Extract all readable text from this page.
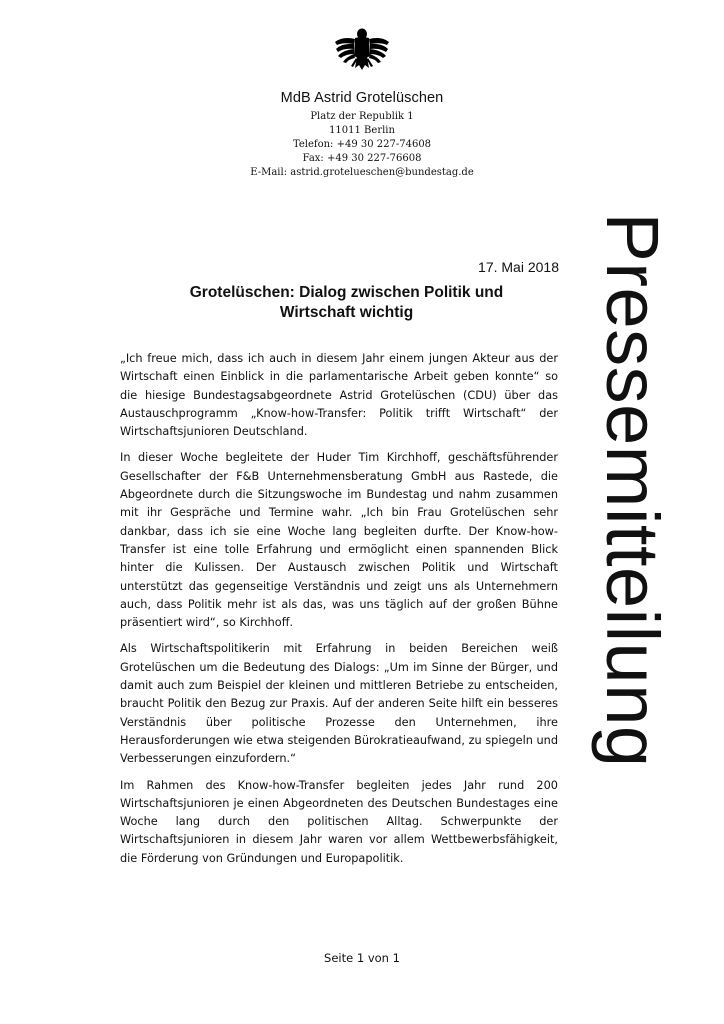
MdB Astrid Grotelüschen
Platz der Republik 1
11011 Berlin
Telefon: +49 30 227-74608
Fax: +49 30 227-76608
E-Mail: astrid.grotelueschen@bundestag.de
Pressemitteilung
17. Mai 2018
Grotelüschen: Dialog zwischen Politik und
Wirtschaft wichtig

„Ich freue mich, dass ich auch in diesem Jahr einem jungen Akteur aus der Wirtschaft einen Einblick in die parlamentarische Arbeit geben konnte“ so die hiesige Bundestagsabgeordnete Astrid Grotelüschen (CDU) über das Austauschprogramm „Know-how-Transfer: Politik trifft Wirtschaft“ der Wirtschaftsjunioren Deutschland.

In dieser Woche begleitete der Huder Tim Kirchhoff, geschäftsführender Gesellschafter der F&B Unternehmensberatung GmbH aus Rastede, die Abgeordnete durch die Sitzungswoche im Bundestag und nahm zusammen mit ihr Gespräche und Termine wahr. „Ich bin Frau Grotelüschen sehr dankbar, dass ich sie eine Woche lang begleiten durfte. Der Know-how-Transfer ist eine tolle Erfahrung und ermöglicht einen spannenden Blick hinter die Kulissen. Der Austausch zwischen Politik und Wirtschaft unterstützt das gegenseitige Verständnis und zeigt uns als Unternehmern auch, dass Politik mehr ist als das, was uns täglich auf der großen Bühne präsentiert wird“, so Kirchhoff.

Als Wirtschaftspolitikerin mit Erfahrung in beiden Bereichen weiß Grotelüschen um die Bedeutung des Dialogs: „Um im Sinne der Bürger, und damit auch zum Beispiel der kleinen und mittleren Betriebe zu entscheiden, braucht Politik den Bezug zur Praxis. Auf der anderen Seite hilft ein besseres Verständnis über politische Prozesse den Unternehmen, ihre Herausforderungen wie etwa steigenden Bürokratieaufwand, zu spiegeln und Verbesserungen einzufordern.“

Im Rahmen des Know-how-Transfer begleiten jedes Jahr rund 200 Wirtschaftsjunioren je einen Abgeordneten des Deutschen Bundestages eine Woche lang durch den politischen Alltag. Schwerpunkte der Wirtschaftsjunioren in diesem Jahr waren vor allem Wettbewerbsfähigkeit, die Förderung von Gründungen und Europapolitik.

Seite 1 von 1
